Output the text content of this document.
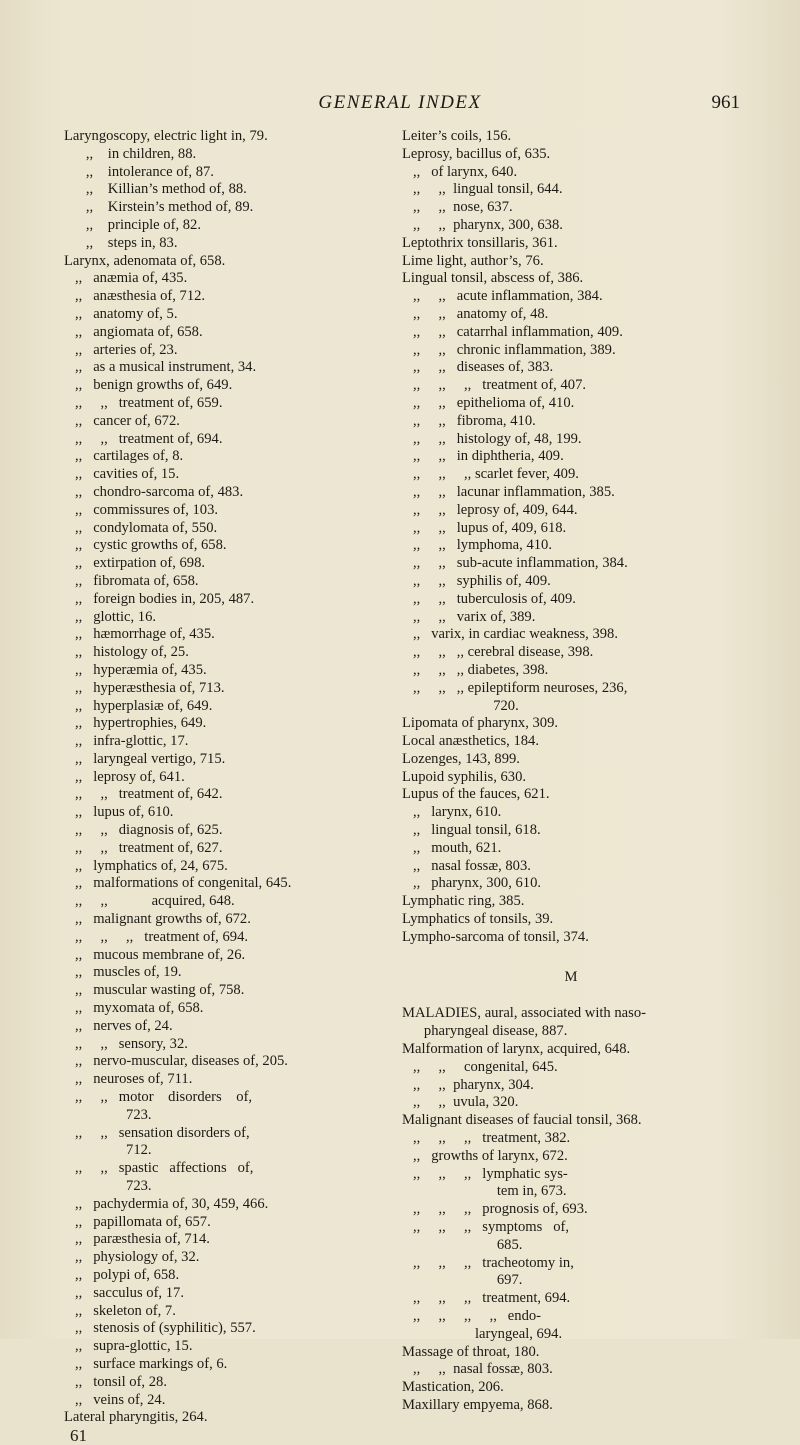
GENERAL INDEX	961
Laryngoscopy, electric light in, 79.
,,    in children, 88.
,,    intolerance of, 87.
,,    Killian’s method of, 88.
,,    Kirstein’s method of, 89.
,,    principle of, 82.
,,    steps in, 83.
Larynx, adenomata of, 658.
,,   anæmia of, 435.
,,   anæsthesia of, 712.
,,   anatomy of, 5.
,,   angiomata of, 658.
,,   arteries of, 23.
,,   as a musical instrument, 34.
,,   benign growths of, 649.
,,     ,,   treatment of, 659.
,,   cancer of, 672.
,,     ,,   treatment of, 694.
,,   cartilages of, 8.
,,   cavities of, 15.
,,   chondro-sarcoma of, 483.
,,   commissures of, 103.
,,   condylomata of, 550.
,,   cystic growths of, 658.
,,   extirpation of, 698.
,,   fibromata of, 658.
,,   foreign bodies in, 205, 487.
,,   glottic, 16.
,,   hæmorrhage of, 435.
,,   histology of, 25.
,,   hyperæmia of, 435.
,,   hyperæsthesia of, 713.
,,   hyperplasiæ of, 649.
,,   hypertrophies, 649.
,,   infra-glottic, 17.
,,   laryngeal vertigo, 715.
,,   leprosy of, 641.
,,     ,,   treatment of, 642.
,,   lupus of, 610.
,,     ,,   diagnosis of, 625.
,,     ,,   treatment of, 627.
,,   lymphatics of, 24, 675.
,,   malformations of congenital, 645.
,,     ,,            acquired, 648.
,,   malignant growths of, 672.
,,     ,,     ,,   treatment of, 694.
,,   mucous membrane of, 26.
,,   muscles of, 19.
,,   muscular wasting of, 758.
,,   myxomata of, 658.
,,   nerves of, 24.
,,     ,,   sensory, 32.
,,   nervo-muscular, diseases of, 205.
,,   neuroses of, 711.
,,     ,,   motor    disorders    of,
723.
,,     ,,   sensation disorders of,
712.
,,     ,,   spastic   affections   of,
723.
,,   pachydermia of, 30, 459, 466.
,,   papillomata of, 657.
,,   paræsthesia of, 714.
,,   physiology of, 32.
,,   polypi of, 658.
,,   sacculus of, 17.
,,   skeleton of, 7.
,,   stenosis of (syphilitic), 557.
,,   supra-glottic, 15.
,,   surface markings of, 6.
,,   tonsil of, 28.
,,   veins of, 24.
Lateral pharyngitis, 264.
61
Leiter’s coils, 156.
Leprosy, bacillus of, 635.
,,   of larynx, 640.
,,     ,,  lingual tonsil, 644.
,,     ,,  nose, 637.
,,     ,,  pharynx, 300, 638.
Leptothrix tonsillaris, 361.
Lime light, author’s, 76.
Lingual tonsil, abscess of, 386.
,,     ,,   acute inflammation, 384.
,,     ,,   anatomy of, 48.
,,     ,,   catarrhal inflammation, 409.
,,     ,,   chronic inflammation, 389.
,,     ,,   diseases of, 383.
,,     ,,     ,,   treatment of, 407.
,,     ,,   epithelioma of, 410.
,,     ,,   fibroma, 410.
,,     ,,   histology of, 48, 199.
,,     ,,   in diphtheria, 409.
,,     ,,     ,, scarlet fever, 409.
,,     ,,   lacunar inflammation, 385.
,,     ,,   leprosy of, 409, 644.
,,     ,,   lupus of, 409, 618.
,,     ,,   lymphoma, 410.
,,     ,,   sub-acute inflammation, 384.
,,     ,,   syphilis of, 409.
,,     ,,   tuberculosis of, 409.
,,     ,,   varix of, 389.
,,   varix, in cardiac weakness, 398.
,,     ,,   ,, cerebral disease, 398.
,,     ,,   ,, diabetes, 398.
,,     ,,   ,, epileptiform neuroses, 236,
720.
Lipomata of pharynx, 309.
Local anæsthetics, 184.
Lozenges, 143, 899.
Lupoid syphilis, 630.
Lupus of the fauces, 621.
,,   larynx, 610.
,,   lingual tonsil, 618.
,,   mouth, 621.
,,   nasal fossæ, 803.
,,   pharynx, 300, 610.
Lymphatic ring, 385.
Lymphatics of tonsils, 39.
Lympho-sarcoma of tonsil, 374.
M
MALADIES, aural, associated with naso-
pharyngeal disease, 887.
Malformation of larynx, acquired, 648.
,,     ,,     congenital, 645.
,,     ,,  pharynx, 304.
,,     ,,  uvula, 320.
Malignant diseases of faucial tonsil, 368.
,,     ,,     ,,   treatment, 382.
,,   growths of larynx, 672.
,,     ,,     ,,   lymphatic sys-
tem in, 673.
,,     ,,     ,,   prognosis of, 693.
,,     ,,     ,,   symptoms   of,
685.
,,     ,,     ,,   tracheotomy in,
697.
,,     ,,     ,,   treatment, 694.
,,     ,,     ,,     ,,   endo-
laryngeal, 694.
Massage of throat, 180.
,,     ,,  nasal fossæ, 803.
Mastication, 206.
Maxillary empyema, 868.
